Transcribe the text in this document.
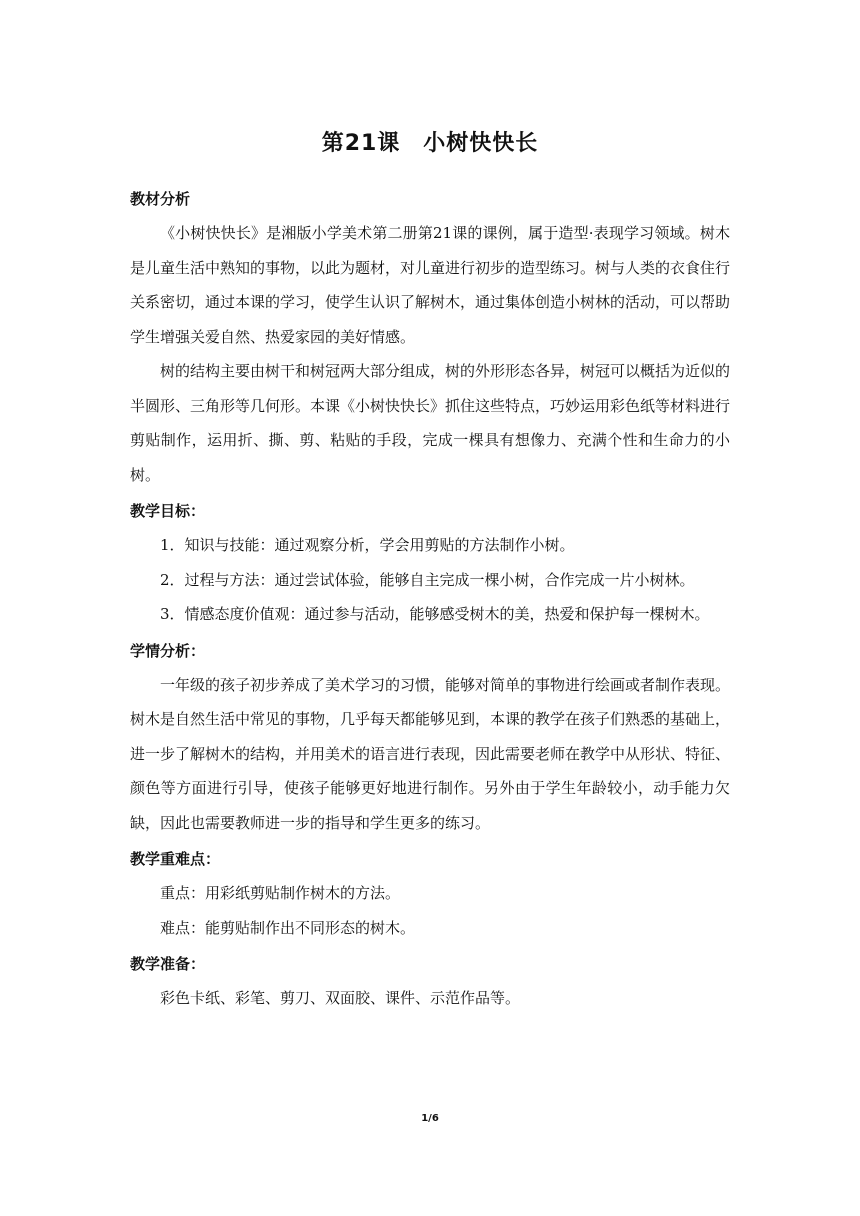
第21课　小树快快长
教材分析

《小树快快长》是湘版小学美术第二册第21课的课例，属于造型·表现学习领域。树木是儿童生活中熟知的事物，以此为题材，对儿童进行初步的造型练习。树与人类的衣食住行关系密切，通过本课的学习，使学生认识了解树木，通过集体创造小树林的活动，可以帮助学生增强关爱自然、热爱家园的美好情感。

树的结构主要由树干和树冠两大部分组成，树的外形形态各异，树冠可以概括为近似的半圆形、三角形等几何形。本课《小树快快长》抓住这些特点，巧妙运用彩色纸等材料进行剪贴制作，运用折、撕、剪、粘贴的手段，完成一棵具有想像力、充满个性和生命力的小树。

教学目标：

1．知识与技能：通过观察分析，学会用剪贴的方法制作小树。

2．过程与方法：通过尝试体验，能够自主完成一棵小树，合作完成一片小树林。

3．情感态度价值观：通过参与活动，能够感受树木的美，热爱和保护每一棵树木。

学情分析：

一年级的孩子初步养成了美术学习的习惯，能够对简单的事物进行绘画或者制作表现。树木是自然生活中常见的事物，几乎每天都能够见到，本课的教学在孩子们熟悉的基础上，进一步了解树木的结构，并用美术的语言进行表现，因此需要老师在教学中从形状、特征、颜色等方面进行引导，使孩子能够更好地进行制作。另外由于学生年龄较小，动手能力欠缺，因此也需要教师进一步的指导和学生更多的练习。

教学重难点：

重点：用彩纸剪贴制作树木的方法。

难点：能剪贴制作出不同形态的树木。

教学准备：

彩色卡纸、彩笔、剪刀、双面胶、课件、示范作品等。

1/6
